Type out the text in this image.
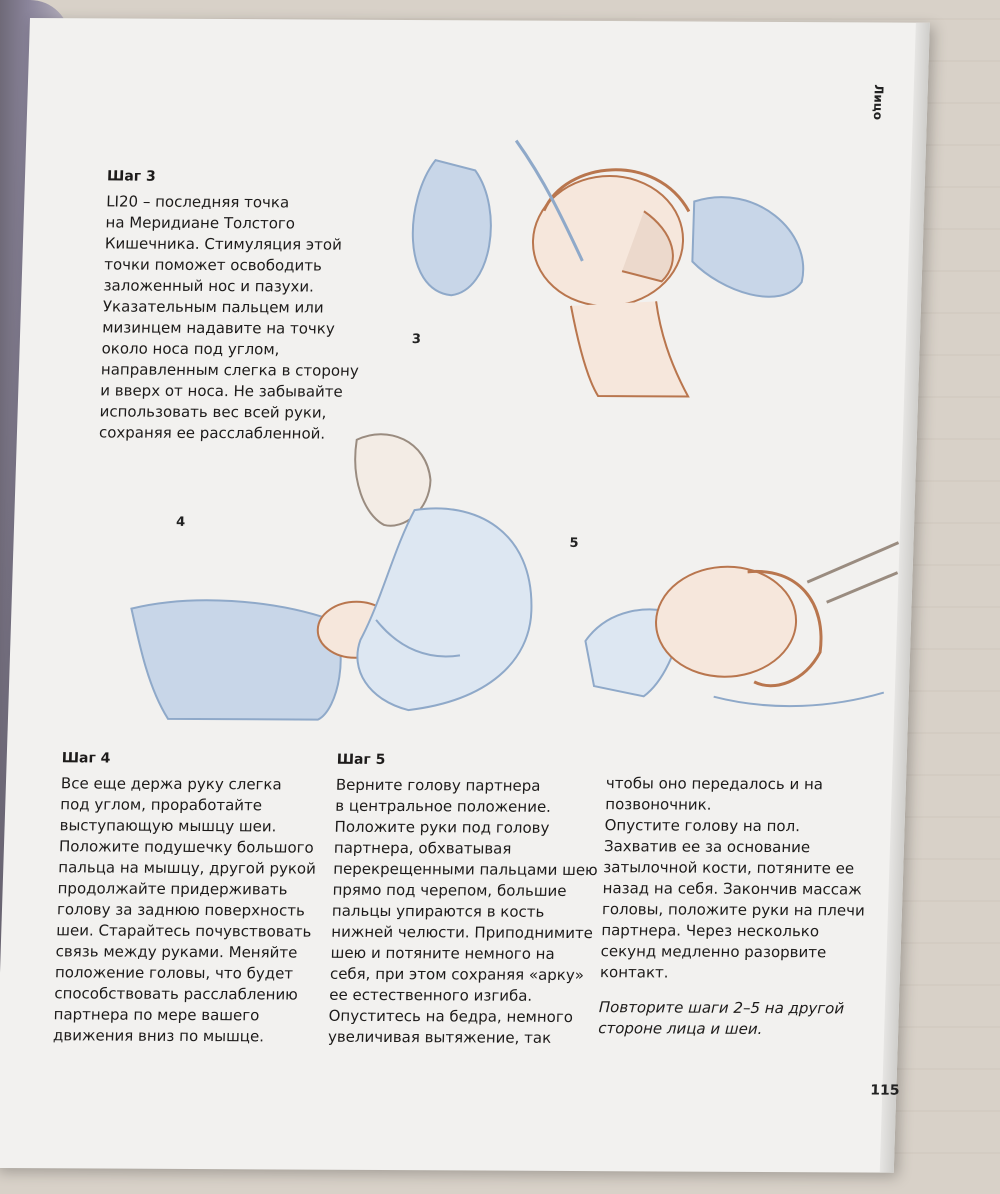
Лицо
Шаг 3
LI20 – последняя точка
на Меридиане Толстого
Кишечника. Стимуляция этой
точки поможет освободить
заложенный нос и пазухи.
Указательным пальцем или
мизинцем надавите на точку
около носа под углом,
направленным слегка в сторону
и вверх от носа. Не забывайте
использовать вес всей руки,
сохраняя ее расслабленной.
3
4
5
Шаг 4
Все еще держа руку слегка
под углом, проработайте
выступающую мышцу шеи.
Положите подушечку большого
пальца на мышцу, другой рукой
продолжайте придерживать
голову за заднюю поверхность
шеи. Старайтесь почувствовать
связь между руками. Меняйте
положение головы, что будет
способствовать расслаблению
партнера по мере вашего
движения вниз по мышце.
Шаг 5
Верните голову партнера
в центральное положение.
Положите руки под голову
партнера, обхватывая
перекрещенными пальцами шею
прямо под черепом, большие
пальцы упираются в кость
нижней челюсти. Приподнимите
шею и потяните немного на
себя, при этом сохраняя «арку»
ее естественного изгиба.
Опуститесь на бедра, немного
увеличивая вытяжение, так
чтобы оно передалось и на
позвоночник.
Опустите голову на пол.
Захватив ее за основание
затылочной кости, потяните ее
назад на себя. Закончив массаж
головы, положите руки на плечи
партнера. Через несколько
секунд медленно разорвите
контакт.
Повторите шаги 2–5 на другой
стороне лица и шеи.
115
